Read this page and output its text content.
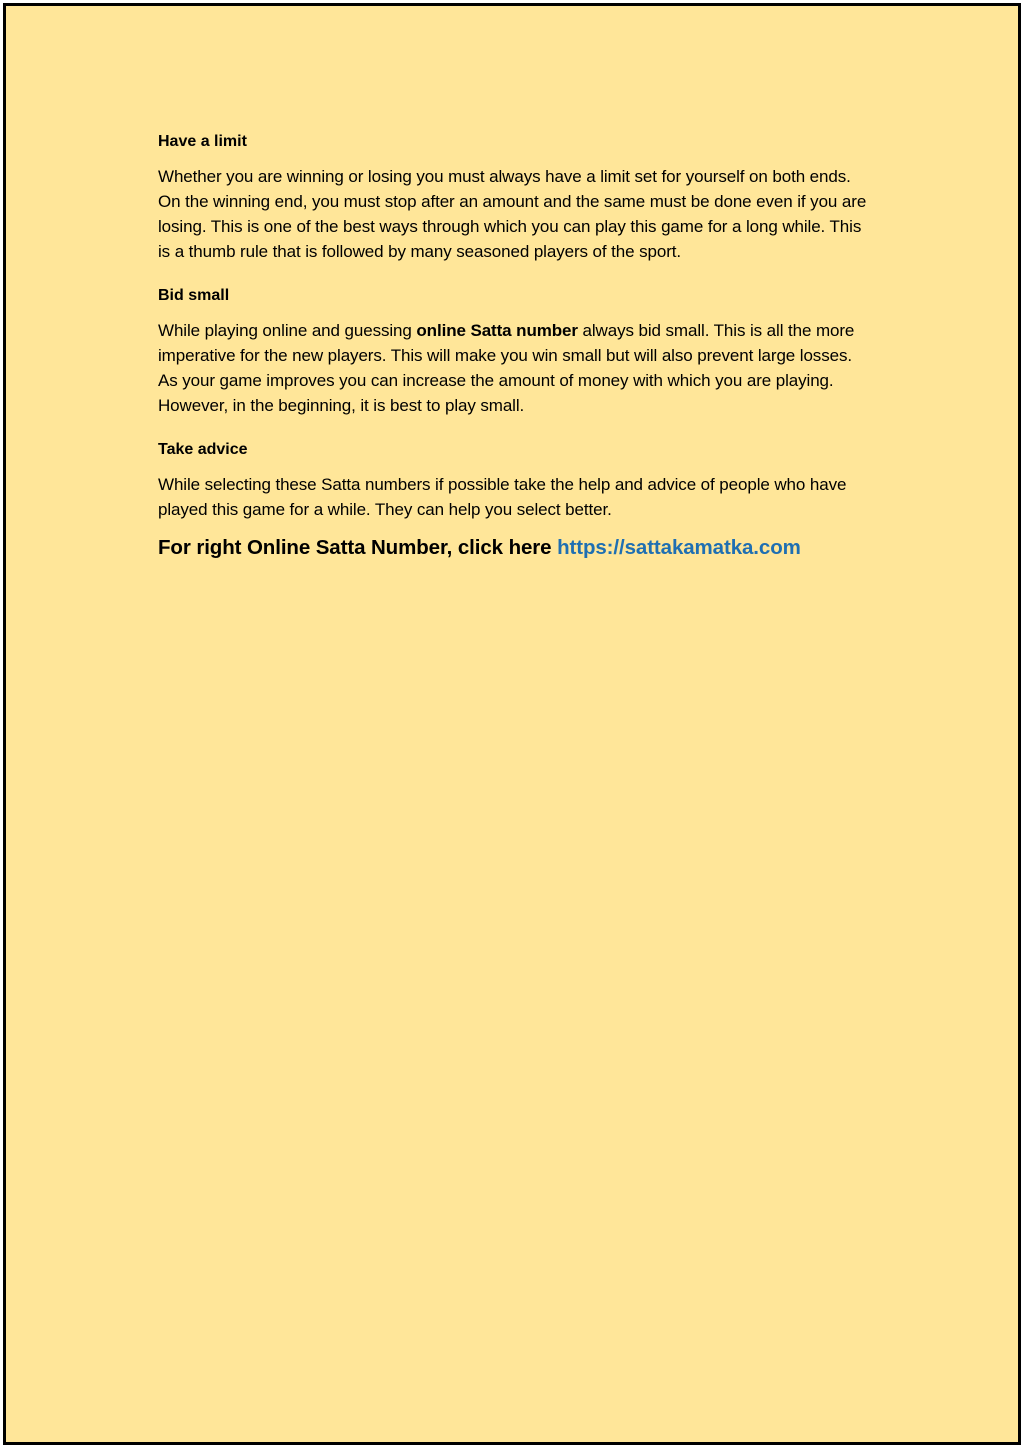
Have a limit

Whether you are winning or losing you must always have a limit set for yourself on both ends. On the winning end, you must stop after an amount and the same must be done even if you are losing. This is one of the best ways through which you can play this game for a long while. This is a thumb rule that is followed by many seasoned players of the sport.

Bid small

While playing online and guessing online Satta number always bid small. This is all the more imperative for the new players. This will make you win small but will also prevent large losses. As your game improves you can increase the amount of money with which you are playing. However, in the beginning, it is best to play small.

Take advice

While selecting these Satta numbers if possible take the help and advice of people who have played this game for a while. They can help you select better.

For right Online Satta Number, click here https://sattakamatka.com
